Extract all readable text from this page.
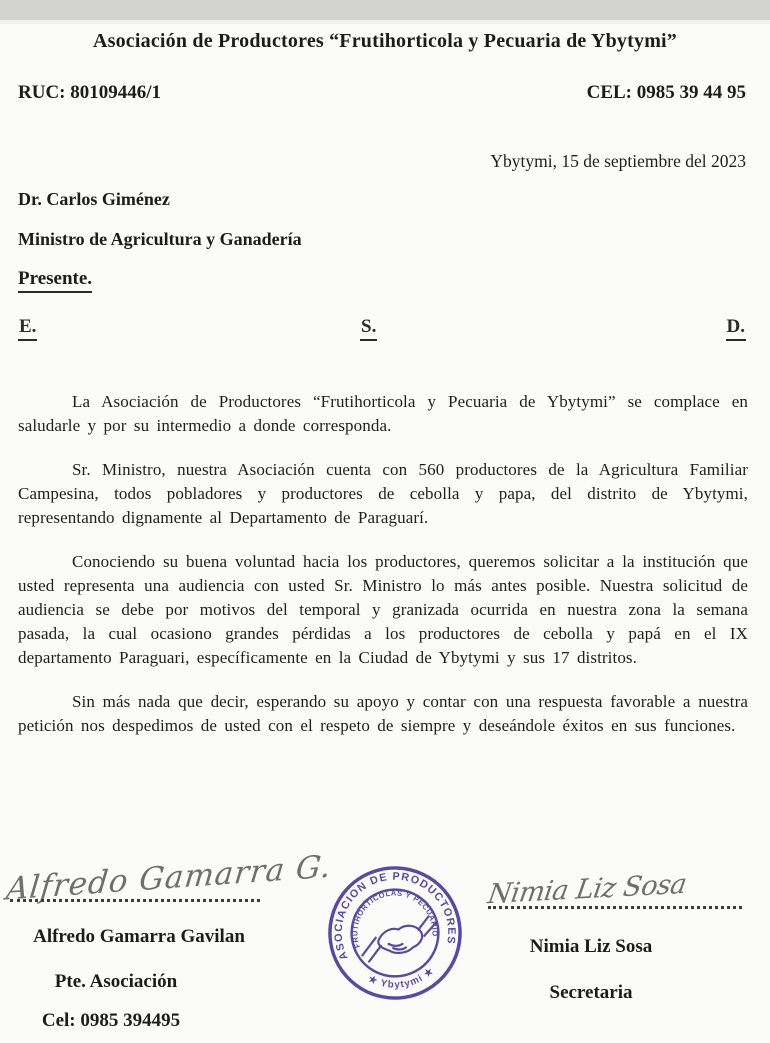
Asociación de Productores “Frutihorticola y Pecuaria de Ybytymi”
RUC: 80109446/1	CEL: 0985 39 44 95
Ybytymi, 15 de septiembre del 2023
Dr. Carlos Giménez
Ministro de Agricultura y Ganadería
Presente.
E.	S.	D.

La Asociación de Productores “Frutihorticola y Pecuaria de Ybytymi” se complace en saludarle y por su intermedio a donde corresponda.

Sr. Ministro, nuestra Asociación cuenta con 560 productores de la Agricultura Familiar Campesina, todos pobladores y productores de cebolla y papa, del distrito de Ybytymi, representando dignamente al Departamento de Paraguarí.

Conociendo su buena voluntad hacia los productores, queremos solicitar a la institución que usted representa una audiencia con usted Sr. Ministro lo más antes posible. Nuestra solicitud de audiencia se debe por motivos del temporal y granizada ocurrida en nuestra zona la semana pasada, la cual ocasiono grandes pérdidas a los productores de cebolla y papá en el IX departamento Paraguari, específicamente en la Ciudad de Ybytymi y sus 17 distritos.

Sin más nada que decir, esperando su apoyo y contar con una respuesta favorable a nuestra petición nos despedimos de usted con el respeto de siempre y deseándole éxitos en sus funciones.

Alfredo Gamarra G.
Alfredo Gamarra Gavilan
Pte. Asociación
Cel: 0985 394495
ASOCIACION DE PRODUCTORES
FRUTIHORTICOLAS Y PECUARIO
★ Ybytymi ★
Nimia Liz Sosa
Nimia Liz Sosa
Secretaria
